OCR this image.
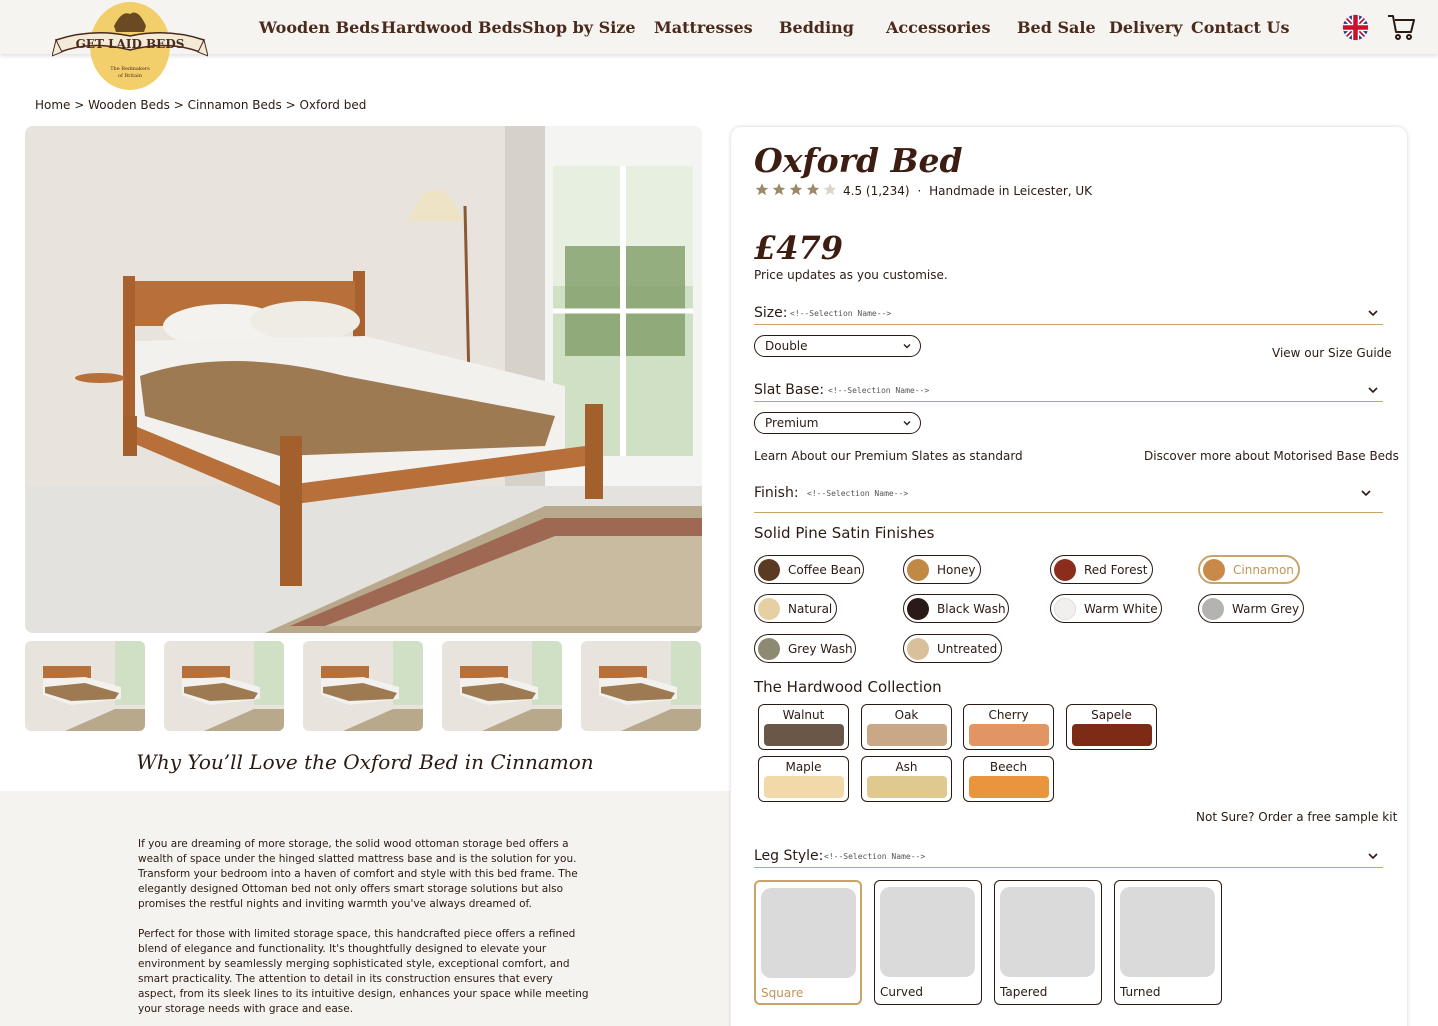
Wooden Beds Hardwood Beds Shop by Size Mattresses Bedding Accessories Bed Sale Delivery Contact Us
GET LAID BEDS
The Bedmakers
of Britain
Home > Wooden Beds > Cinnamon Beds > Oxford bed
Why You’ll Love the Oxford Bed in Cinnamon

If you are dreaming of more storage, the solid wood ottoman storage bed offers a wealth of space under the hinged slatted mattress base and is the solution for you. Transform your bedroom into a haven of comfort and style with this bed frame. The elegantly designed Ottoman bed not only offers smart storage solutions but also promises the restful nights and inviting warmth you've always dreamed of.

Perfect for those with limited storage space, this handcrafted piece offers a refined blend of elegance and functionality. It's thoughtfully designed to elevate your environment by seamlessly merging sophisticated style, exceptional comfort, and smart practicality. The attention to detail in its construction ensures that every aspect, from its sleek lines to its intuitive design, enhances your space while meeting your storage needs with grace and ease.

Oxford Bed
4.5 (1,234) · Handmade in Leicester, UK
£479
Price updates as you customise.
Size: <!--Selection Name-->
Double	View our Size Guide
Slat Base: <!--Selection Name-->
Premium
Learn About our Premium Slates as standard	Discover more about Motorised Base Beds
Finish: <!--Selection Name-->
Solid Pine Satin Finishes
Coffee Bean	Honey	Red Forest	Cinnamon
Natural	Black Wash	Warm White	Warm Grey
Grey Wash	Untreated
The Hardwood Collection
Walnut	Oak	Cherry	Sapele
Maple	Ash	Beech
Not Sure? Order a free sample kit
Leg Style: <!--Selection Name-->
Square	Curved	Tapered	Turned
